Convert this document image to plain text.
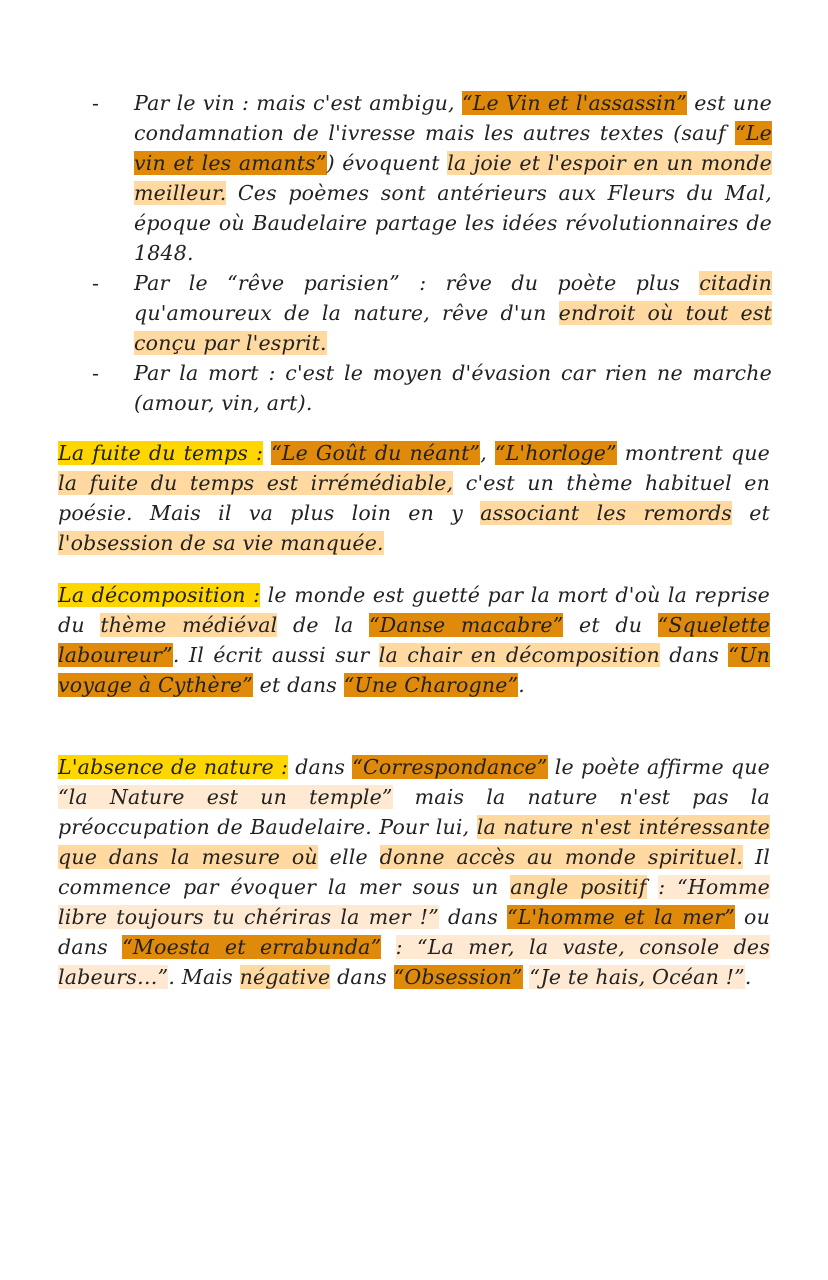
- Par le vin : mais c'est ambigu, “Le Vin et l'assassin” est une condamnation de l'ivresse mais les autres textes (sauf “Le vin et les amants”) évoquent la joie et l'espoir en un monde meilleur. Ces poèmes sont antérieurs aux Fleurs du Mal, époque où Baudelaire partage les idées révolutionnaires de 1848.
- Par le “rêve parisien” : rêve du poète plus citadin qu'amoureux de la nature, rêve d'un endroit où tout est conçu par l'esprit.
- Par la mort : c'est le moyen d'évasion car rien ne marche (amour, vin, art).

La fuite du temps : “Le Goût du néant”, “L'horloge” montrent que la fuite du temps est irrémédiable, c'est un thème habituel en poésie. Mais il va plus loin en y associant les remords et l'obsession de sa vie manquée.

La décomposition : le monde est guetté par la mort d'où la reprise du thème médiéval de la “Danse macabre” et du “Squelette laboureur”. Il écrit aussi sur la chair en décomposition dans “Un voyage à Cythère” et dans “Une Charogne”.

L'absence de nature : dans “Correspondance” le poète affirme que “la Nature est un temple” mais la nature n'est pas la préoccupation de Baudelaire. Pour lui, la nature n'est intéressante que dans la mesure où elle donne accès au monde spirituel. Il commence par évoquer la mer sous un angle positif : “Homme libre toujours tu chériras la mer !” dans “L'homme et la mer” ou dans “Moesta et errabunda” : “La mer, la vaste, console des labeurs…”. Mais négative dans “Obsession” “Je te hais, Océan !”.
